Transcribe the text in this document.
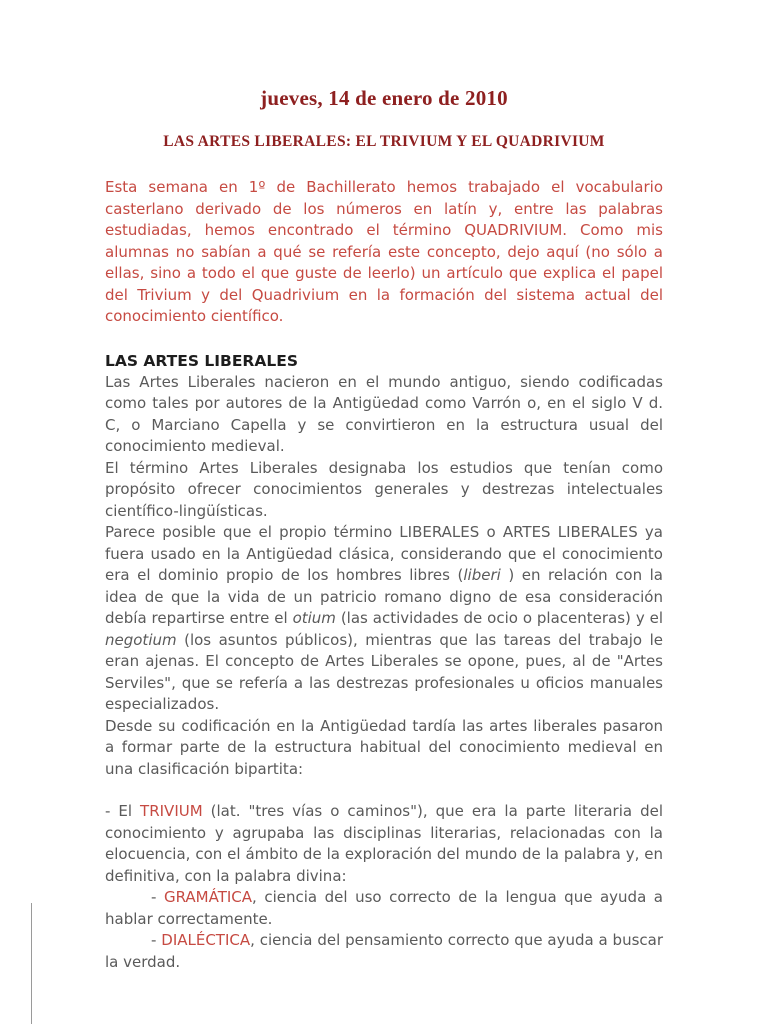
jueves, 14 de enero de 2010
LAS ARTES LIBERALES: EL TRIVIUM Y EL QUADRIVIUM

Esta semana en 1º de Bachillerato hemos trabajado el vocabulario casterlano derivado de los números en latín y, entre las palabras estudiadas, hemos encontrado el término QUADRIVIUM. Como mis alumnas no sabían a qué se refería este concepto, dejo aquí (no sólo a ellas, sino a todo el que guste de leerlo) un artículo que explica el papel del Trivium y del Quadrivium en la formación del sistema actual del conocimiento científico.

LAS ARTES LIBERALES

Las Artes Liberales nacieron en el mundo antiguo, siendo codificadas como tales por autores de la Antigüedad como Varrón o, en el siglo V d. C, o Marciano Capella y se convirtieron en la estructura usual del conocimiento medieval.

El término Artes Liberales designaba los estudios que tenían como propósito ofrecer conocimientos generales y destrezas intelectuales científico-lingüísticas.

Parece posible que el propio término LIBERALES o ARTES LIBERALES ya fuera usado en la Antigüedad clásica, considerando que el conocimiento era el dominio propio de los hombres libres (liberi ) en relación con la idea de que la vida de un patricio romano digno de esa consideración debía repartirse entre el otium (las actividades de ocio o placenteras) y el negotium (los asuntos públicos), mientras que las tareas del trabajo le eran ajenas. El concepto de Artes Liberales se opone, pues, al de "Artes Serviles", que se refería a las destrezas profesionales u oficios manuales especializados.

Desde su codificación en la Antigüedad tardía las artes liberales pasaron a formar parte de la estructura habitual del conocimiento medieval en una clasificación bipartita:

- El TRIVIUM (lat. "tres vías o caminos"), que era la parte literaria del conocimiento y agrupaba las disciplinas literarias, relacionadas con la elocuencia, con el ámbito de la exploración del mundo de la palabra y, en definitiva, con la palabra divina:

- GRAMÁTICA, ciencia del uso correcto de la lengua que ayuda a hablar correctamente.

- DIALÉCTICA, ciencia del pensamiento correcto que ayuda a buscar la verdad.
